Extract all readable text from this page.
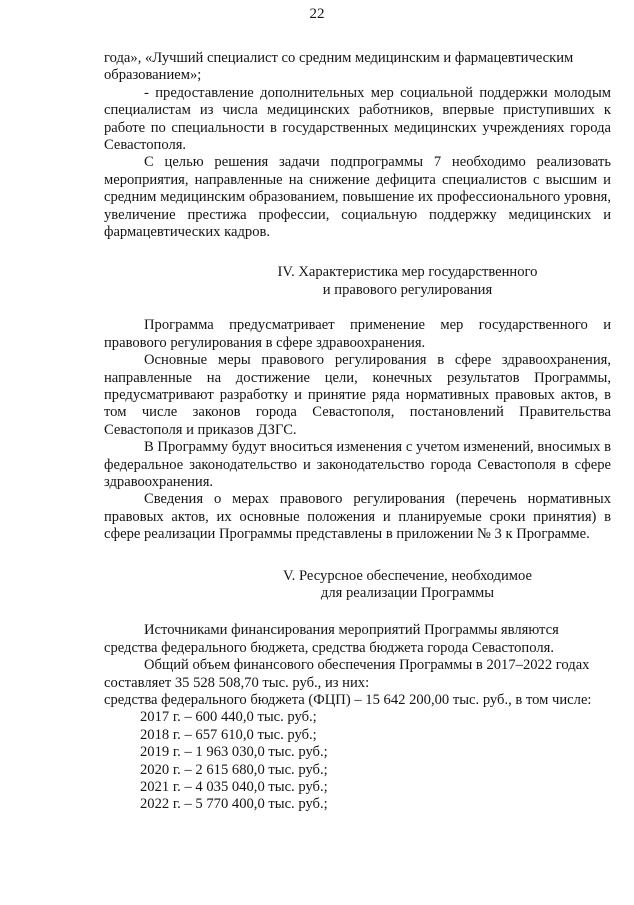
22

года», «Лучший специалист со средним медицинским и фармацевтическим образованием»;

- предоставление дополнительных мер социальной поддержки молодым специалистам из числа медицинских работников, впервые приступивших к работе по специальности в государственных медицинских учреждениях города Севастополя.

С целью решения задачи подпрограммы 7 необходимо реализовать мероприятия, направленные на снижение дефицита специалистов с высшим и средним медицинским образованием, повышение их профессионального уровня, увеличение престижа профессии, социальную поддержку медицинских и фармацевтических кадров.

IV. Характеристика мер государственного
и правового регулирования

Программа предусматривает применение мер государственного и правового регулирования в сфере здравоохранения.

Основные меры правового регулирования в сфере здравоохранения, направленные на достижение цели, конечных результатов Программы, предусматривают разработку и принятие ряда нормативных правовых актов, в том числе законов города Севастополя, постановлений Правительства Севастополя и приказов ДЗГС.

В Программу будут вноситься изменения с учетом изменений, вносимых в федеральное законодательство и законодательство города Севастополя в сфере здравоохранения.

Сведения о мерах правового регулирования (перечень нормативных правовых актов, их основные положения и планируемые сроки принятия) в сфере реализации Программы представлены в приложении № 3 к Программе.

V. Ресурсное обеспечение, необходимое
для реализации Программы

Источниками финансирования мероприятий Программы являются средства федерального бюджета, средства бюджета города Севастополя.

Общий объем финансового обеспечения Программы в 2017–2022 годах составляет 35 528 508,70 тыс. руб., из них:

средства федерального бюджета (ФЦП) – 15 642 200,00 тыс. руб., в том числе:

2017 г. – 600 440,0 тыс. руб.;
2018 г. – 657 610,0 тыс. руб.;
2019 г. – 1 963 030,0 тыс. руб.;
2020 г. – 2 615 680,0 тыс. руб.;
2021 г. – 4 035 040,0 тыс. руб.;
2022 г. – 5 770 400,0 тыс. руб.;
